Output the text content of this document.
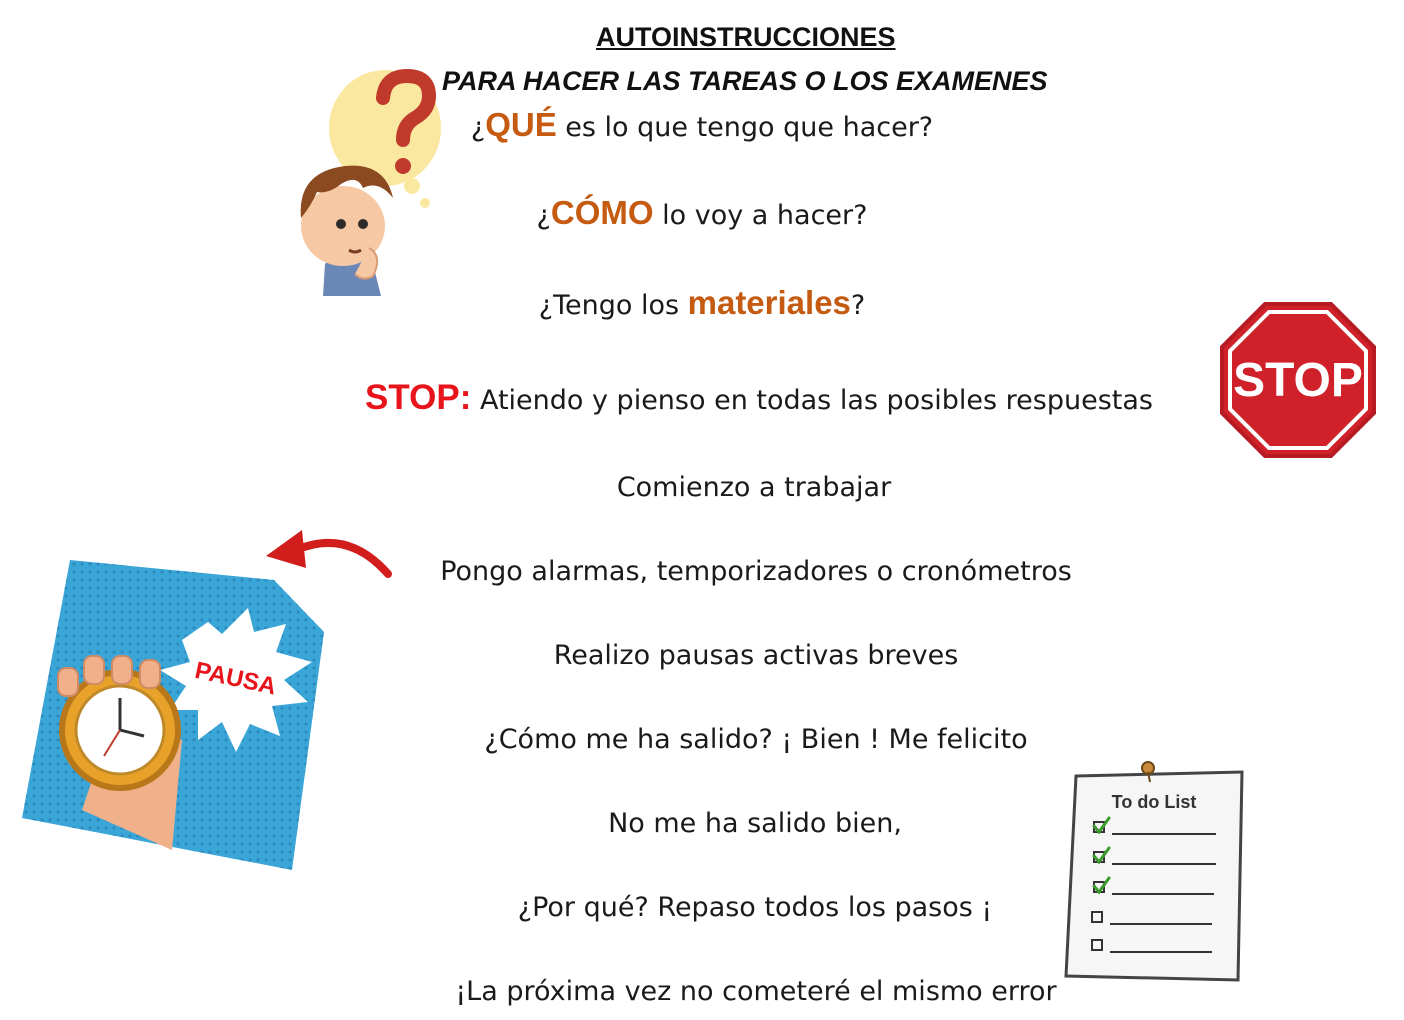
AUTOINSTRUCCIONES
PARA HACER LAS TAREAS O LOS EXAMENES
¿QUÉ es lo que tengo que hacer?
¿CÓMO lo voy a hacer?
¿Tengo los materiales?
STOP: Atiendo y pienso en todas las posibles respuestas
Comienzo a trabajar
Pongo alarmas, temporizadores o cronómetros
Realizo pausas activas breves
¿Cómo me ha salido? ¡ Bien ! Me felicito
No me ha salido bien,
¿Por qué? Repaso todos los pasos ¡
¡La próxima vez no cometeré el mismo error
STOP
PAUSA
To do List
